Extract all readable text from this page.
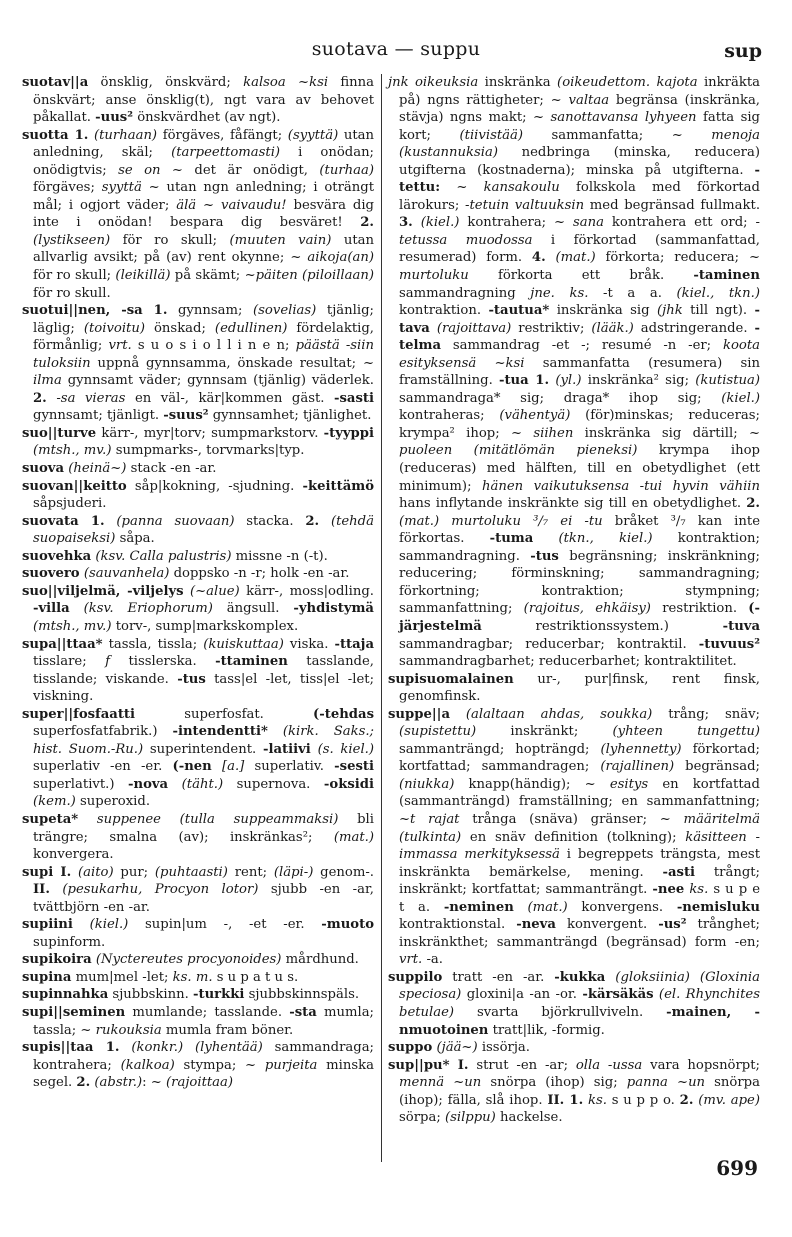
suotava — suppu	sup

suotav||a önsklig, önskvärd; kalsoa ~ksi finna önskvärt; anse önsklig(t), ngt vara av behovet påkallat. -uus² önskvärdhet (av ngt).

suotta 1. (turhaan) förgäves, fåfängt; (syyttä) utan anledning, skäl; (tarpeettomasti) i onödan; onödigtvis; se on ~ det är onödigt, (turhaa) förgäves; syyttä ~ utan ngn anledning; i oträngt mål; i ogjort väder; älä ~ vaivaudu! besvära dig inte i onödan! bespara dig besväret! 2. (lystikseen) för ro skull; (muuten vain) utan allvarlig avsikt; på (av) rent okynne; ~ aikoja(an) för ro skull; (leikillä) på skämt; ~päiten (piloillaan) för ro skull.

suotui||nen, -sa 1. gynnsam; (sovelias) tjänlig; läglig; (toivoitu) önskad; (edullinen) fördelaktig, förmånlig; vrt. s u o s i o l l i n e n; päästä -siin tuloksiin uppnå gynnsamma, önskade resultat; ~ ilma gynnsamt väder; gynnsam (tjänlig) väderlek. 2. -sa vieras en väl-, kär|kommen gäst. -sasti gynnsamt; tjänligt. -suus² gynnsamhet; tjänlighet.

suo||turve kärr-, myr|torv; sumpmarkstorv. -tyyppi (mtsh., mv.) sumpmarks-, torvmarks|typ.

suova (heinä~) stack -en -ar.

suovan||keitto såp|kokning, -sjudning. -keittämö såpsjuderi.

suovata 1. (panna suovaan) stacka. 2. (tehdä suopaiseksi) såpa.

suovehka (ksv. Calla palustris) missne -n (-t).

suovero (sauvanhela) doppsko -n -r; holk -en -ar.

suo||viljelmä, -viljelys (~alue) kärr-, moss|odling. -villa (ksv. Eriophorum) ängsull. -yhdistymä (mtsh., mv.) torv-, sump|markskomplex.

supa||ttaa* tassla, tissla; (kuiskuttaa) viska. -ttaja tisslare; f tisslerska. -ttaminen tasslande, tisslande; viskande. -tus tass|el -let, tiss|el -let; viskning.

super||fosfaatti superfosfat. (-tehdas superfosfatfabrik.) -intendentti* (kirk. Saks.; hist. Suom.-Ru.) superintendent. -latiivi (s. kiel.) superlativ -en -er. (-nen [a.] superlativ. -sesti superlativt.) -nova (täht.) supernova. -oksidi (kem.) superoxid.

supeta* suppenee (tulla suppeammaksi) bli trängre; smalna (av); inskränkas²; (mat.) konvergera.

supi I. (aito) pur; (puhtaasti) rent; (läpi-) genom-. II. (pesukarhu, Procyon lotor) sjubb -en -ar, tvättbjörn -en -ar.

supiini (kiel.) supin|um -, -et -er. -muoto supinform.

supikoira (Nyctereutes procyonoides) mårdhund.

supina mum|mel -let; ks. m. s u p a t u s.

supinnahka sjubbskinn. -turkki sjubbskinnspäls.

supi||seminen mumlande; tasslande. -sta mumla; tassla; ~ rukouksia mumla fram böner.

supis||taa 1. (konkr.) (lyhentää) sammandraga; kontrahera; (kalkoa) stympa; ~ purjeita minska segel. 2. (abstr.): ~ (rajoittaa)

jnk oikeuksia inskränka (oikeudettom. kajota inkräkta på) ngns rättigheter; ~ valtaa begränsa (inskränka, stävja) ngns makt; ~ sanottavansa lyhyeen fatta sig kort; (tiivistää) sammanfatta; ~ menoja (kustannuksia) nedbringa (minska, reducera) utgifterna (kostnaderna); minska på utgifterna. -tettu: ~ kansakoulu folkskola med förkortad lärokurs; -tetuin valtuuksin med begränsad fullmakt. 3. (kiel.) kontrahera; ~ sana kontrahera ett ord; -tetussa muodossa i förkortad (sammanfattad, resumerad) form. 4. (mat.) förkorta; reducera; ~ murtoluku förkorta ett bråk. -taminen sammandragning jne. ks. -t a a. (kiel., tkn.) kontraktion. -tautua* inskränka sig (jhk till ngt). -tava (rajoittava) restriktiv; (lääk.) adstringerande. -telma sammandrag -et -; resumé -n -er; koota esityksensä ~ksi sammanfatta (resumera) sin framställning. -tua 1. (yl.) inskränka² sig; (kutistua) sammandraga* sig; draga* ihop sig; (kiel.) kontraheras; (vähentyä) (för)minskas; reduceras; krympa² ihop; ~ siihen inskränka sig därtill; ~ puoleen (mitätlömän pieneksi) krympa ihop (reduceras) med hälften, till en obetydlighet (ett minimum); hänen vaikutuksensa -tui hyvin vähiin hans inflytande inskränkte sig till en obetydlighet. 2. (mat.) murtoluku ³/₇ ei -tu bråket ³/₇ kan inte förkortas. -tuma (tkn., kiel.) kontraktion; sammandragning. -tus begränsning; inskränkning; reducering; förminskning; sammandragning; förkortning; kontraktion; stympning; sammanfattning; (rajoitus, ehkäisy) restriktion. (-järjestelmä restriktionssystem.) -tuva sammandragbar; reducerbar; kontraktil. -tuvuus² sammandragbarhet; reducerbarhet; kontraktilitet.

supisuomalainen ur-, pur|finsk, rent finsk, genomfinsk.

suppe||a (alaltaan ahdas, soukka) trång; snäv; (supistettu) inskränkt; (yhteen tungettu) sammanträngd; hopträngd; (lyhennetty) förkortad; kortfattad; sammandragen; (rajallinen) begränsad; (niukka) knapp(händig); ~ esitys en kortfattad (sammanträngd) framställning; en sammanfattning; ~t rajat trånga (snäva) gränser; ~ määritelmä (tulkinta) en snäv definition (tolkning); käsitteen -immassa merkityksessä i begreppets trängsta, mest inskränkta bemärkelse, mening. -asti trångt; inskränkt; kortfattat; sammanträngt. -nee ks. s u p e t a. -neminen (mat.) konvergens. -nemisluku kontraktionstal. -neva konvergent. -us² trånghet; inskränkthet; sammanträngd (begränsad) form -en; vrt. -a.

suppilo tratt -en -ar. -kukka (gloksiinia) (Gloxinia speciosa) gloxini|a -an -or. -kärsäkäs (el. Rhynchites betulae) svarta björkrullviveln. -mainen, -nmuotoinen tratt|lik, -formig.

suppo (jää~) issörja.

sup||pu* I. strut -en -ar; olla -ussa vara hopsnörpt; mennä ~un snörpa (ihop) sig; panna ~un snörpa (ihop); fälla, slå ihop. II. 1. ks. s u p p o. 2. (mv. ape) sörpa; (silppu) hackelse.

699
